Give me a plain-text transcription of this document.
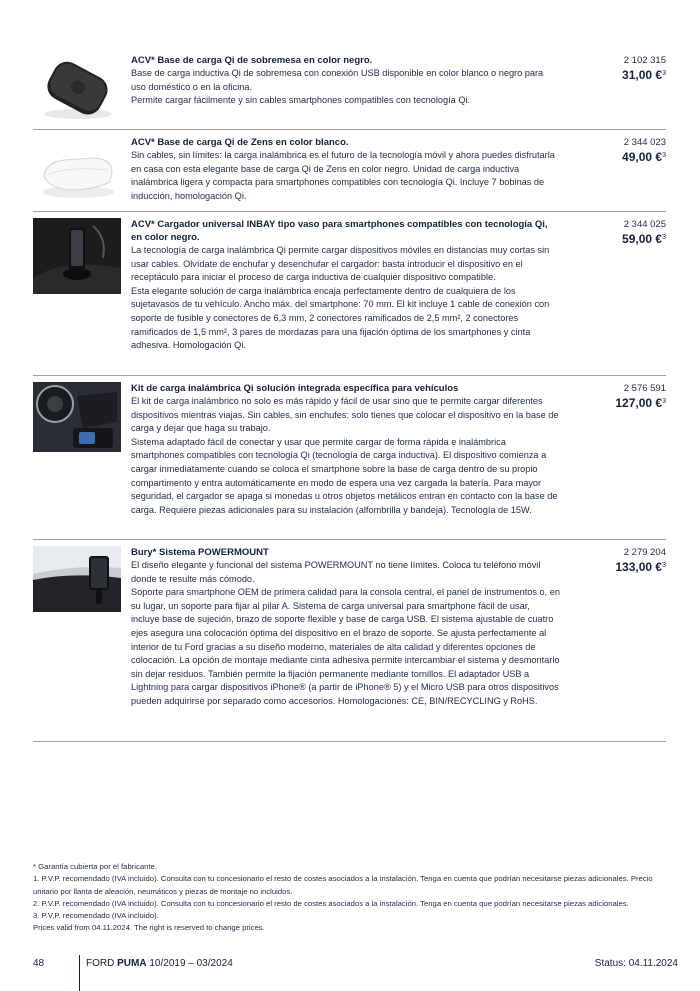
ACV* Base de carga Qi de sobremesa en color negro.
Base de carga inductiva Qi de sobremesa con conexión USB disponible en color blanco o negro para uso doméstico o en la oficina.
Permite cargar fácilmente y sin cables smartphones compatibles con tecnología Qi.
2 102 315
31,00 €$^3$
ACV* Base de carga Qi de Zens en color blanco.
Sin cables, sin límites: la carga inalámbrica es el futuro de la tecnología móvil y ahora puedes disfrutarla en casa con esta elegante base de carga Qi de Zens en color negro. Unidad de carga inductiva inalámbrica ligera y compacta para smartphones compatibles con tecnología Qi. Incluye 7 bobinas de inducción, homologación Qi.
2 344 023
49,00 €$^3$
ACV* Cargador universal INBAY tipo vaso para smartphones compatibles con tecnología Qi, en color negro.
La tecnología de carga inalámbrica Qi permite cargar dispositivos móviles en distancias muy cortas sin usar cables. Olvídate de enchufar y desenchufar el cargador: basta introducir el dispositivo en el receptáculo para iniciar el proceso de carga inductiva de cualquier dispositivo compatible.
Esta elegante solución de carga inalámbrica encaja perfectamente dentro de cualquiera de los sujetavasos de tu vehículo. Ancho máx. del smartphone: 70 mm. El kit incluye 1 cable de conexión con soporte de fusible y conectores de 6,3 mm, 2 conectores ramificados de 2,5 mm², 2 conectores ramificados de 1,5 mm², 3 pares de mordazas para una fijación óptima de los smartphones y cinta adhesiva. Homologación Qi.
2 344 025
59,00 €$^3$
Kit de carga inalámbrica Qi solución integrada específica para vehículos
El kit de carga inalámbrico no solo es más rápido y fácil de usar sino que te permite cargar diferentes dispositivos mientras viajas. Sin cables, sin enchufes: solo tienes que colocar el dispositivo en la base de carga y dejar que haga su trabajo.
Sistema adaptado fácil de conectar y usar que permite cargar de forma rápida e inalámbrica smartphones compatibles con tecnología Qi (tecnología de carga inductiva). El dispositivo comienza a cargar inmediatamente cuando se coloca el smartphone sobre la base de carga dentro de su propio compartimento y entra automáticamente en modo de espera una vez cargada la batería. Para mayor seguridad, el cargador se apaga si monedas u otros objetos metálicos entran en contacto con la base de carga. Requiere piezas adicionales para su instalación (alfombrilla y bandeja). Tecnología de 15W.
2 576 591
127,00 €$^3$
Bury* Sistema POWERMOUNT
El diseño elegante y funcional del sistema POWERMOUNT no tiene límites. Coloca tu teléfono móvil donde te resulte más cómodo.
Soporte para smartphone OEM de primera calidad para la consola central, el panel de instrumentos o, en su lugar, un soporte para fijar al pilar A. Sistema de carga universal para smartphone fácil de usar, incluye base de sujeción, brazo de soporte flexible y base de carga USB. El sistema ajustable de cuatro ejes asegura una colocación óptima del dispositivo en el brazo de soporte. Se ajusta perfectamente al interior de tu Ford gracias a su diseño moderno, materiales de alta calidad y diferentes opciones de colocación. La opción de montaje mediante cinta adhesiva permite intercambiar el sistema y desmontarlo sin dejar residuos. También permite la fijación permanente mediante tornillos. El adaptador USB a Lightning para cargar dispositivos iPhone® (a partir de iPhone® 5) y el Micro USB para otros dispositivos pueden adquirirse por separado como accesorios. Homologaciones: CE, BIN/RECYCLING y RoHS.
2 279 204
133,00 €$^3$
* Garantía cubierta por el fabricante.
1. P.V.P. recomendado (IVA incluido). Consulta con tu concesionario el resto de costes asociados a la instalación. Tenga en cuenta que podrían necesitarse piezas adicionales. Precio unitario por llanta de aleación, neumáticos y piezas de montaje no incluidos.
2. P.V.P. recomendado (IVA incluido). Consulta con tu concesionario el resto de costes asociados a la instalación. Tenga en cuenta que podrían necesitarse piezas adicionales.
3. P.V.P. recomendado (IVA incluido).
Prices valid from 04.11.2024. The right is reserved to change prices.
48	FORD PUMA 10/2019 – 03/2024	Status: 04.11.2024
